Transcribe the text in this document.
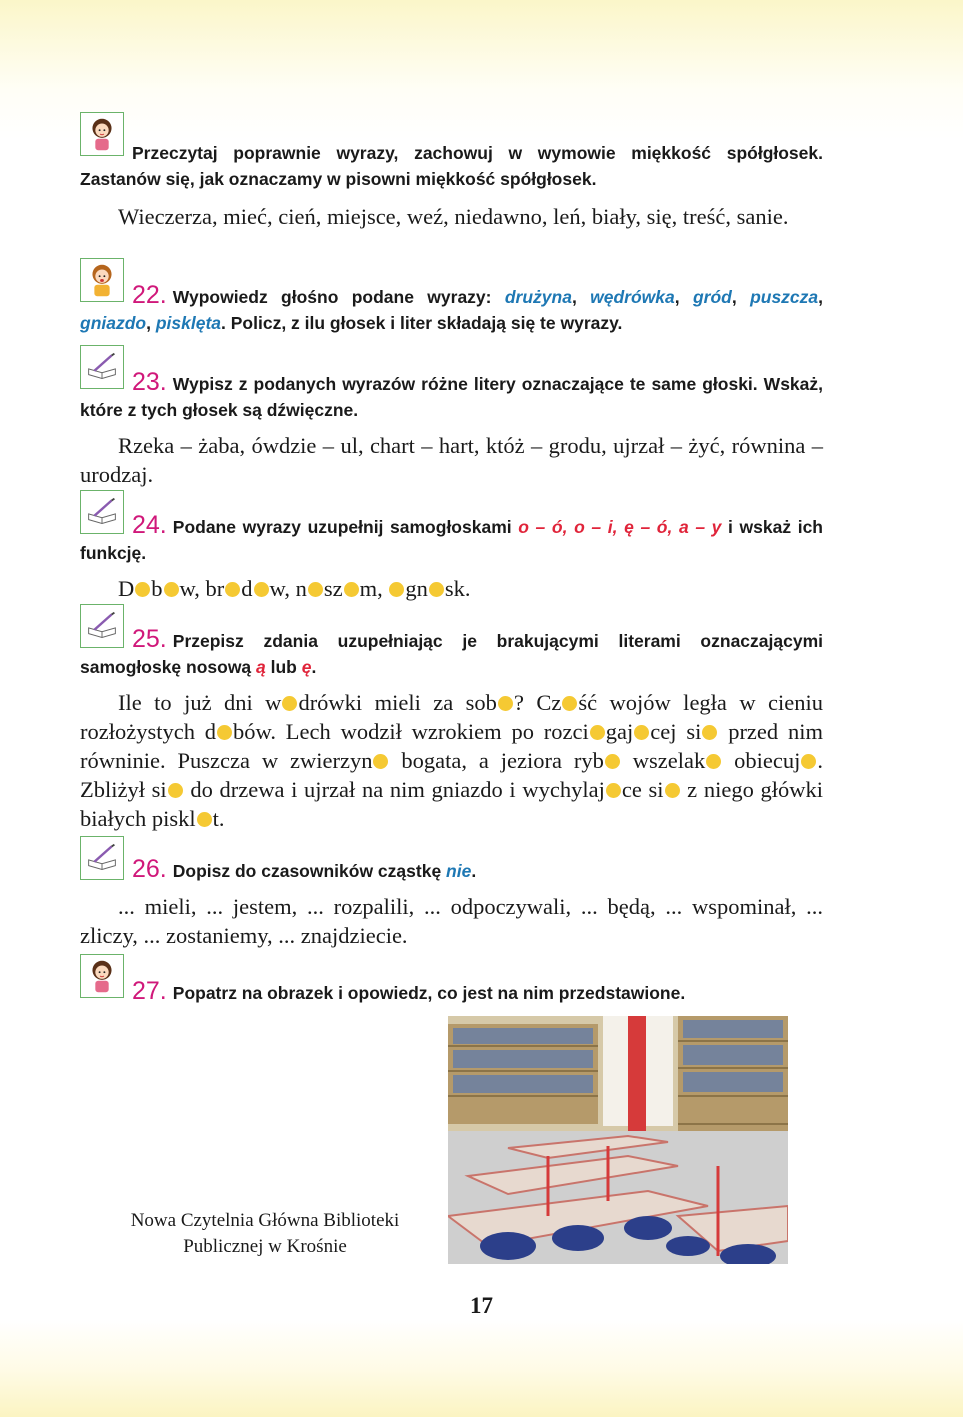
Przeczytaj poprawnie wyrazy, zachowuj w wymowie miękkość spółgłosek. Zastanów się, jak oznaczamy w pisowni miękkość spółgłosek.
Wieczerza, mieć, cień, miejsce, weź, niedawno, leń, biały, się, treść, sanie.
22. Wypowiedz głośno podane wyrazy: drużyna, wędrówka, gród, puszcza, gniazdo, pisklęta. Policz, z ilu głosek i liter składają się te wyrazy.
23. Wypisz z podanych wyrazów różne litery oznaczające te same głoski. Wskaż, które z tych głosek są dźwięczne.
Rzeka – żaba, ówdzie – ul, chart – hart, któż – grodu, ujrzał – żyć, równina – urodzaj.
24. Podane wyrazy uzupełnij samogłoskami o – ó, o – i, ę – ó, a – y i wskaż ich funkcję.
D b w, br d w, n sz m, gn sk.
25. Przepisz zdania uzupełniając je brakującymi literami oznaczającymi samogłoskę nosową ą lub ę.
Ile to już dni w drówki mieli za sob ? Cz ść wojów legła w cieniu rozłożystych d bów. Lech wodził wzrokiem po rozci gaj cej si przed nim równinie. Puszcza w zwierzyn bogata, a jeziora ryb wszelak obiecuj . Zbliżył si do drzewa i ujrzał na nim gniazdo i wychylaj ce si z niego główki białych piskl t.
26. Dopisz do czasowników cząstkę nie.
... mieli, ... jestem, ... rozpalili, ... odpoczywali, ... będą, ... wspominał, ... zliczy, ... zostaniemy, ... znajdziecie.
27. Popatrz na obrazek i opowiedz, co jest na nim przedstawione.
Nowa Czytelnia Główna Biblioteki
Publicznej w Krośnie
17
